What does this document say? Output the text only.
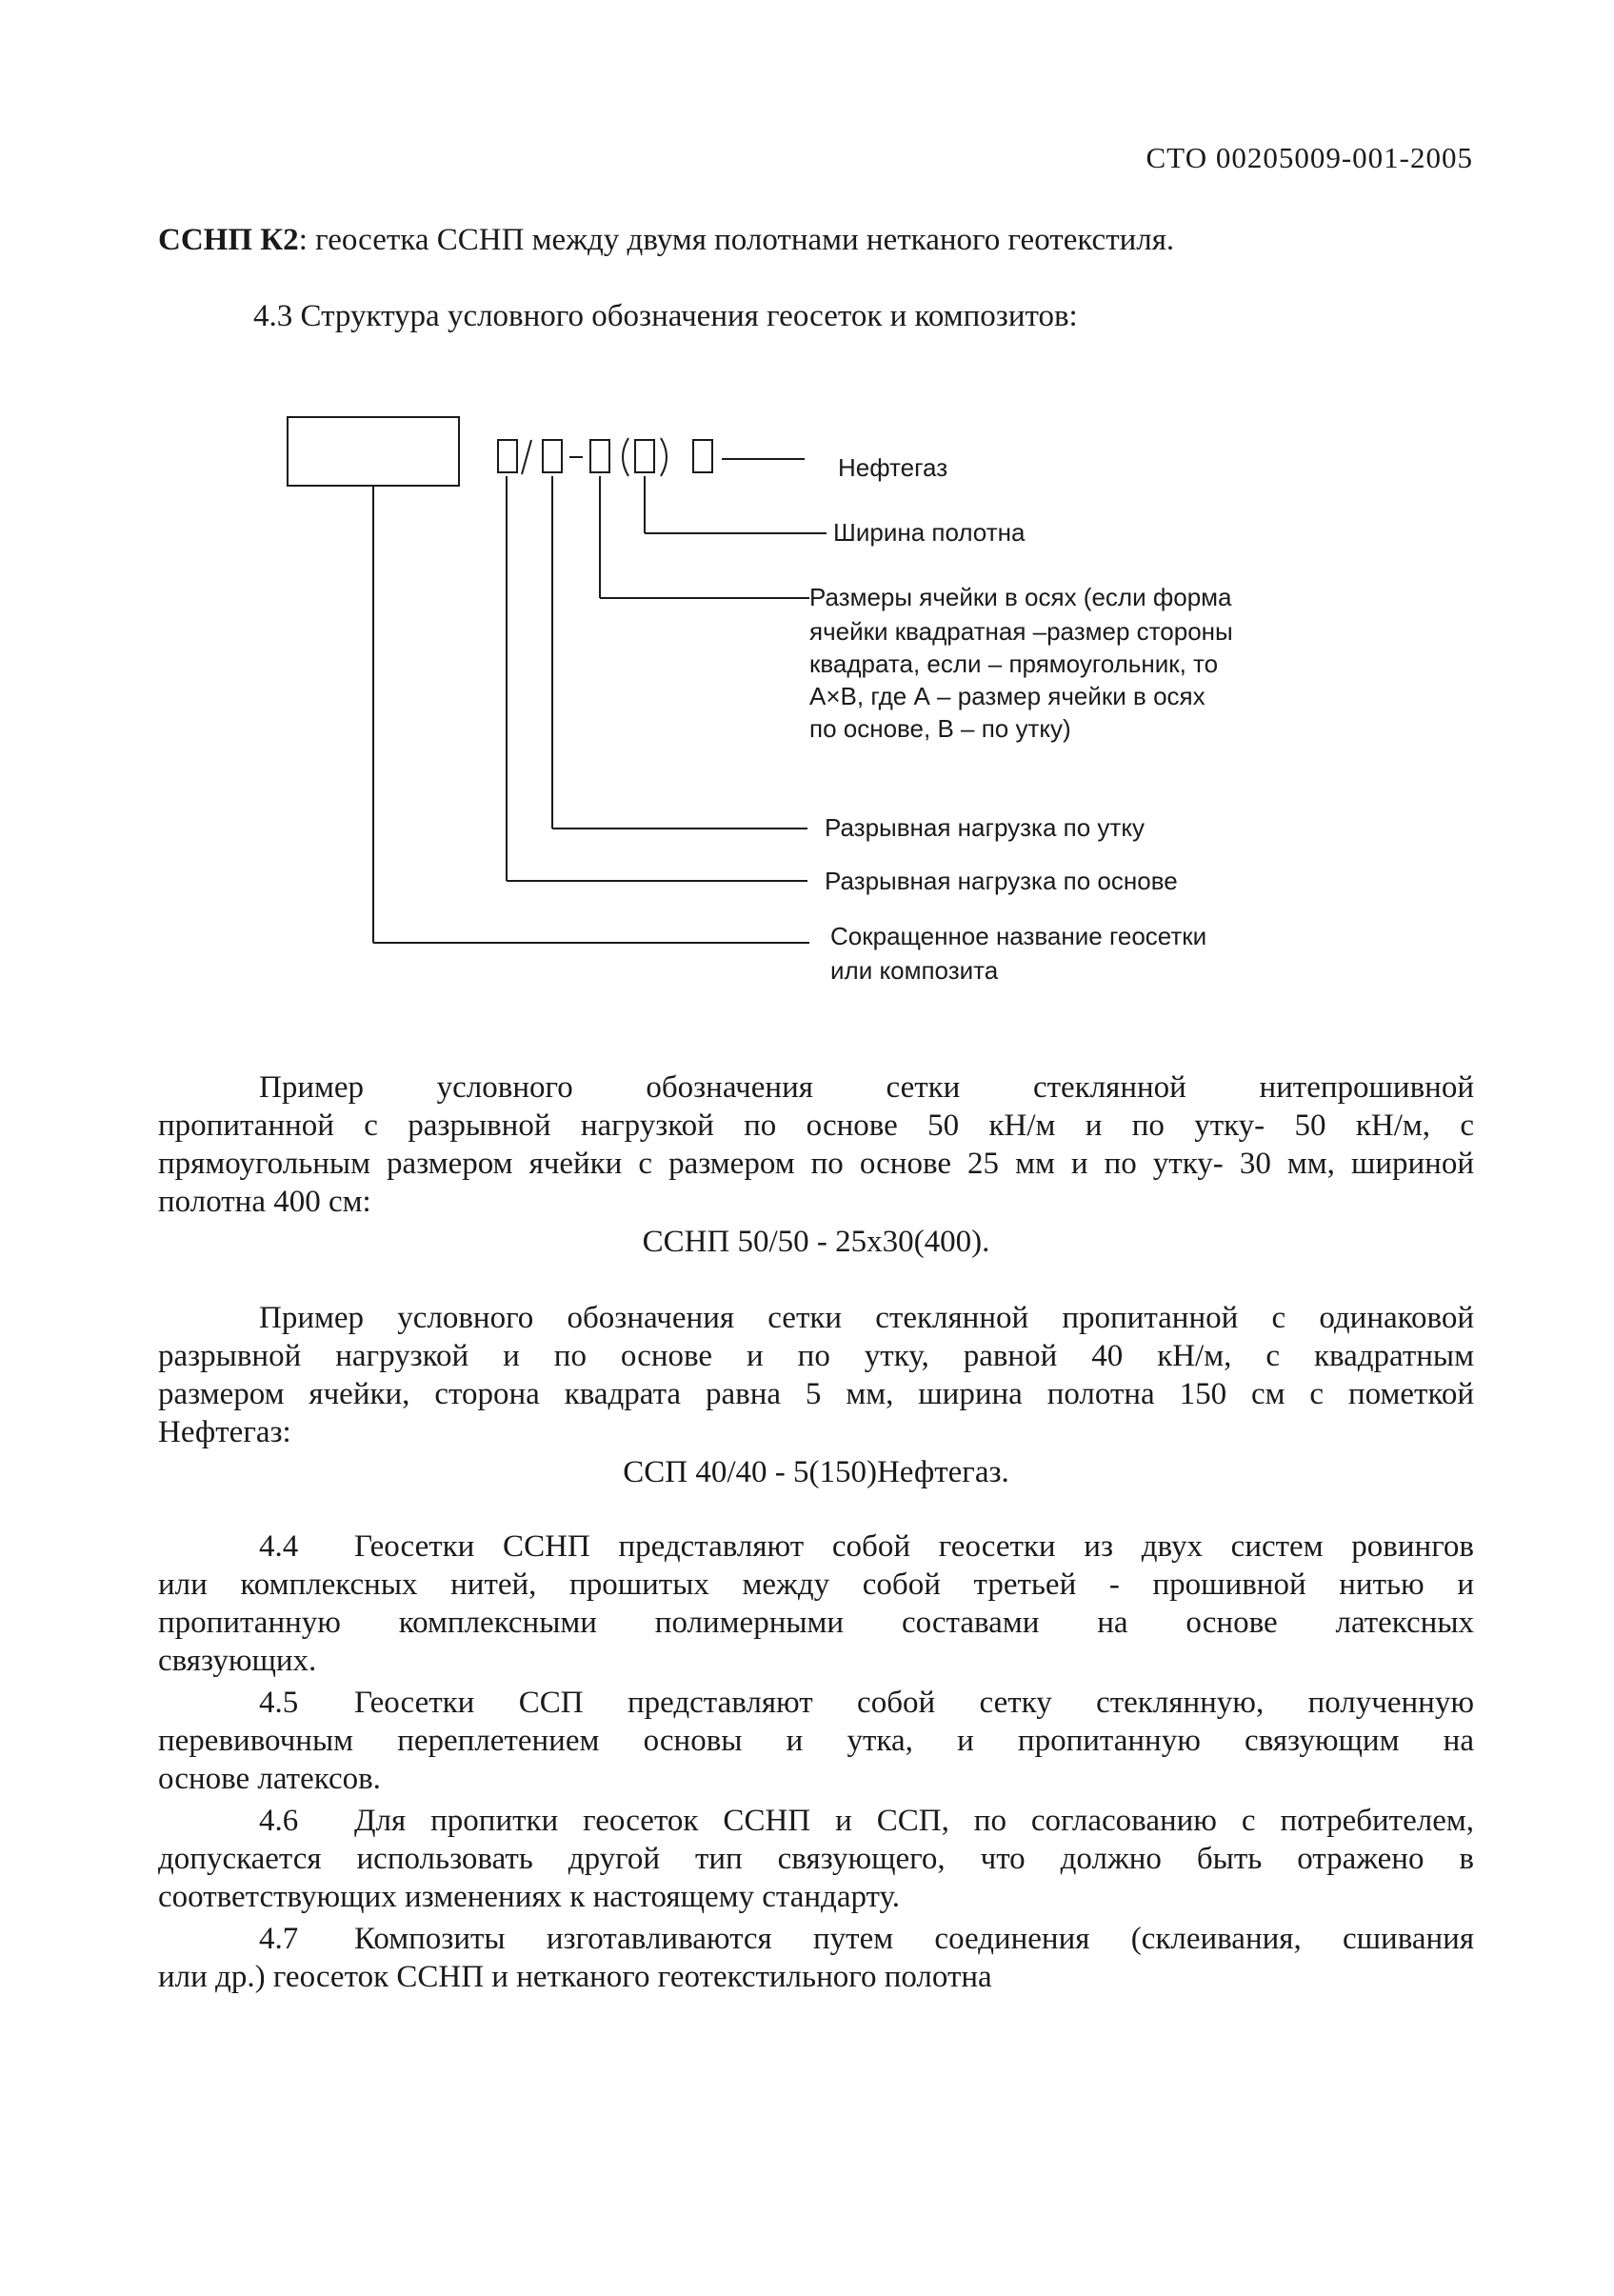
СТО 00205009-001-2005
ССНП К2: геосетка ССНП между двумя полотнами нетканого геотекстиля.
4.3 Структура условного обозначения геосеток и композитов:
Нефтегаз
Ширина полотна
Размеры ячейки в осях (если форма
ячейки квадратная –размер стороны
квадрата, если – прямоугольник, то
А×В, где А – размер ячейки в осях
по основе, В – по утку)
Разрывная нагрузка по утку
Разрывная нагрузка по основе
Сокращенное название геосетки
или композита
Пример условного обозначения сетки стеклянной нитепрошивной
пропитанной с разрывной нагрузкой по основе 50 кН/м и по утку- 50 кН/м, с
прямоугольным размером ячейки с размером по основе 25 мм и по утку- 30 мм, шириной
полотна 400 см:
ССНП 50/50 - 25х30(400).
Пример условного обозначения сетки стеклянной пропитанной с одинаковой
разрывной нагрузкой и по основе и по утку, равной 40 кН/м, с квадратным
размером ячейки, сторона квадрата равна 5 мм, ширина полотна 150 см с пометкой
Нефтегаз:
ССП 40/40 - 5(150)Нефтегаз.
4.4 Геосетки ССНП представляют собой геосетки из двух систем ровингов
или комплексных нитей, прошитых между собой третьей - прошивной нитью и
пропитанную комплексными полимерными составами на основе латексных
связующих.
4.5 Геосетки ССП представляют собой сетку стеклянную, полученную
перевивочным переплетением основы и утка, и пропитанную связующим на
основе латексов.
4.6 Для пропитки геосеток ССНП и ССП, по согласованию с потребителем,
допускается использовать другой тип связующего, что должно быть отражено в
соответствующих изменениях к настоящему стандарту.
4.7 Композиты изготавливаются путем соединения (склеивания, сшивания
или др.) геосеток ССНП и нетканого геотекстильного полотна
